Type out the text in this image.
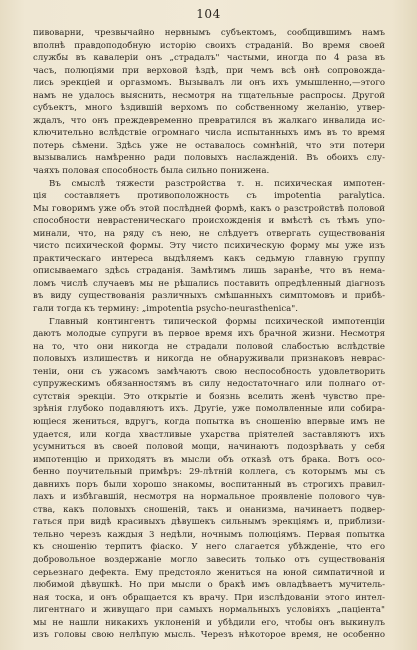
104

пивоварни, чрезвычайно нервнымъ субъектомъ, сообщившимъ намъ

вполнѣ правдоподобную исторію своихъ страданій. Во время своей

службы въ кавалеріи онъ „страдалъ" частыми, иногда по 4 раза въ

часъ, полюціями при верховой ѣздѣ, при чемъ всѣ онѣ сопровожда-

лись эрекціей и оргазмомъ. Вызывалъ ли онъ ихъ умышленно,—этого

намъ не удалось выяснить, несмотря на тщательные распросы. Другой

субъектъ, много ѣздившій верхомъ по собственному желанію, утвер-

ждалъ, что онъ преждевременно превратился въ жалкаго инвалида ис-

ключительно вслѣдствіе огромнаго числа испытанныхъ имъ въ то время

потерь сѣмени. Здѣсь уже не оставалось сомнѣній, что эти потери

вызывались намѣренно ради половыхъ наслажденій. Въ обоихъ слу-

чаяхъ половая способность была сильно понижена.

Въ смыслѣ тяжести разстройства т. н. психическая импотен-

ція составляетъ противоположность съ impotentia paralytica.

Мы говоримъ уже объ этой послѣдней формѣ, какъ о разстройствѣ половой

способности неврастеническаго происхожденія и вмѣстѣ съ тѣмъ упо-

минали, что, на ряду съ нею, не слѣдуетъ отвергать существованія

чисто психической формы. Эту чисто психическую форму мы уже изъ

практическаго интереса выдѣляемъ какъ седьмую главную группу

описываемаго здѣсь страданія. Замѣтимъ лишь заранѣе, что въ нема-

ломъ числѣ случаевъ мы не рѣшались поставить опредѣленный діагнозъ

въ виду существованія различныхъ смѣшанныхъ симптомовъ и прибѣ-

гали тогда къ термину: „impotentia psycho-neurasthenica".

Главный контингентъ типической формы психической импотенціи

даютъ молодые супруги въ первое время ихъ брачной жизни. Несмотря

на то, что они никогда не страдали половой слабостью вслѣдствіе

половыхъ излишествъ и никогда не обнаруживали признаковъ неврас-

теніи, они съ ужасомъ замѣчаютъ свою неспособность удовлетворить

супружескимъ обязанностямъ въ силу недостаточнаго или полнаго от-

сутствія эрекціи. Это открытіе и боязнь вселить женѣ чувство пре-

зрѣнія глубоко подавляютъ ихъ. Другіе, уже помолвленные или собира-

ющіеся жениться, вдругъ, когда попытка въ сношенію впервые имъ не

удается, или когда хвастливые ухарства пріятелей заставляютъ ихъ

усумниться въ своей половой мощи, начинаютъ подозрѣвать у себя

импотенцію и приходятъ въ мысли объ отказѣ отъ брака. Вотъ осо-

бенно поучительный примѣръ: 29-лѣтній коллега, съ которымъ мы съ

давнихъ поръ были хорошо знакомы, воспитанный въ строгихъ правил-

лахъ и избѣгавшій, несмотря на нормальное проявленіе полового чув-

ства, какъ половыхъ сношеній, такъ и онанизма, начинаетъ подвер-

гаться при видѣ красивыхъ дѣвушекъ сильнымъ эрекціямъ и, приблизи-

тельно черезъ каждыя 3 недѣли, ночнымъ полюціямъ. Первая попытка

къ сношенію терпитъ фіаско. У него слагается убѣжденіе, что его

добровольное воздержаніе могло завесить только отъ существованія

серьезнаго дефекта. Ему предстояло жениться на юной симпатичной и

любимой дѣвушкѣ. Но при мысли о бракѣ имъ овладѣваетъ мучитель-

ная тоска, и онъ обращается къ врачу. При изслѣдованіи этого интел-

лигентнаго и живущаго при самыхъ нормальныхъ условіяхъ „паціента"

мы не нашли никакихъ уклоненій и убѣдили его, чтобы онъ выкинулъ

изъ головы свою нелѣпую мысль. Черезъ нѣкоторое время, не особенно
